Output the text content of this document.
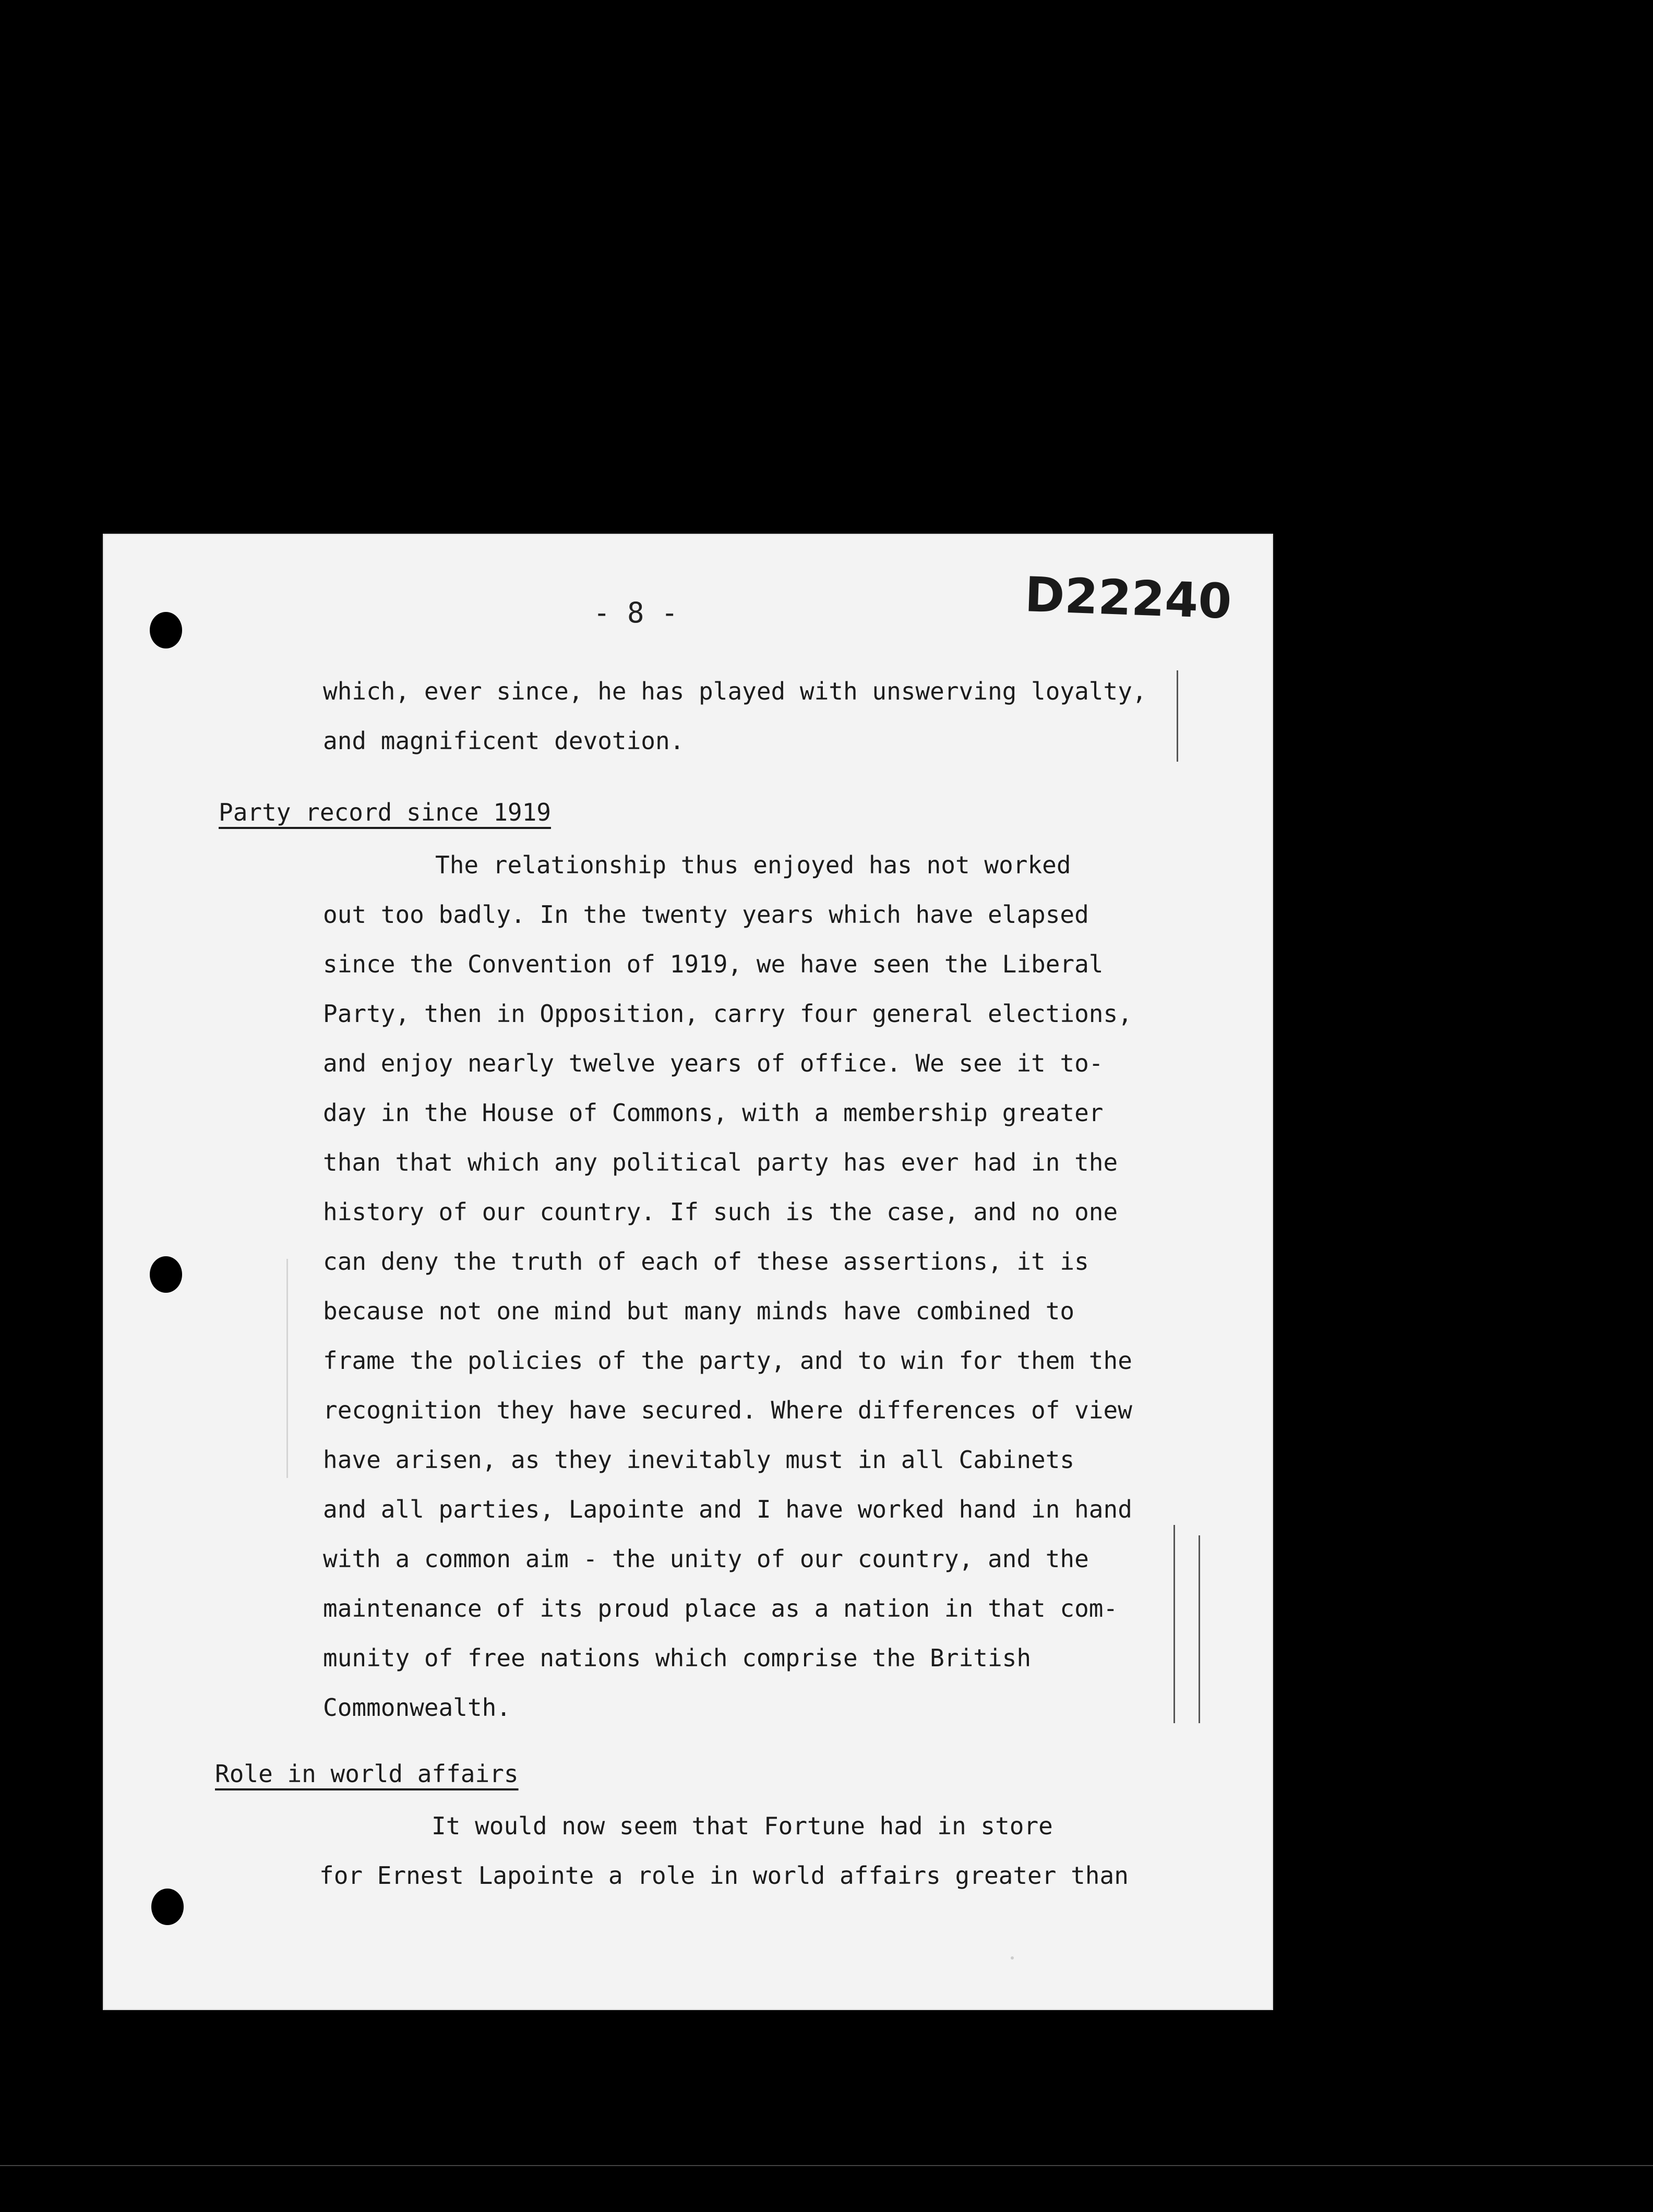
- 8 -	D22240
which, ever since, he has played with unswerving loyalty,
and magnificent devotion.
Party record since 1919
The relationship thus enjoyed has not worked
out too badly. In the twenty years which have elapsed
since the Convention of 1919, we have seen the Liberal
Party, then in Opposition, carry four general elections,
and enjoy nearly twelve years of office. We see it to-
day in the House of Commons, with a membership greater
than that which any political party has ever had in the
history of our country. If such is the case, and no one
can deny the truth of each of these assertions, it is
because not one mind but many minds have combined to
frame the policies of the party, and to win for them the
recognition they have secured. Where differences of view
have arisen, as they inevitably must in all Cabinets
and all parties, Lapointe and I have worked hand in hand
with a common aim - the unity of our country, and the
maintenance of its proud place as a nation in that com-
munity of free nations which comprise the British
Commonwealth.
Role in world affairs
It would now seem that Fortune had in store
for Ernest Lapointe a role in world affairs greater than
